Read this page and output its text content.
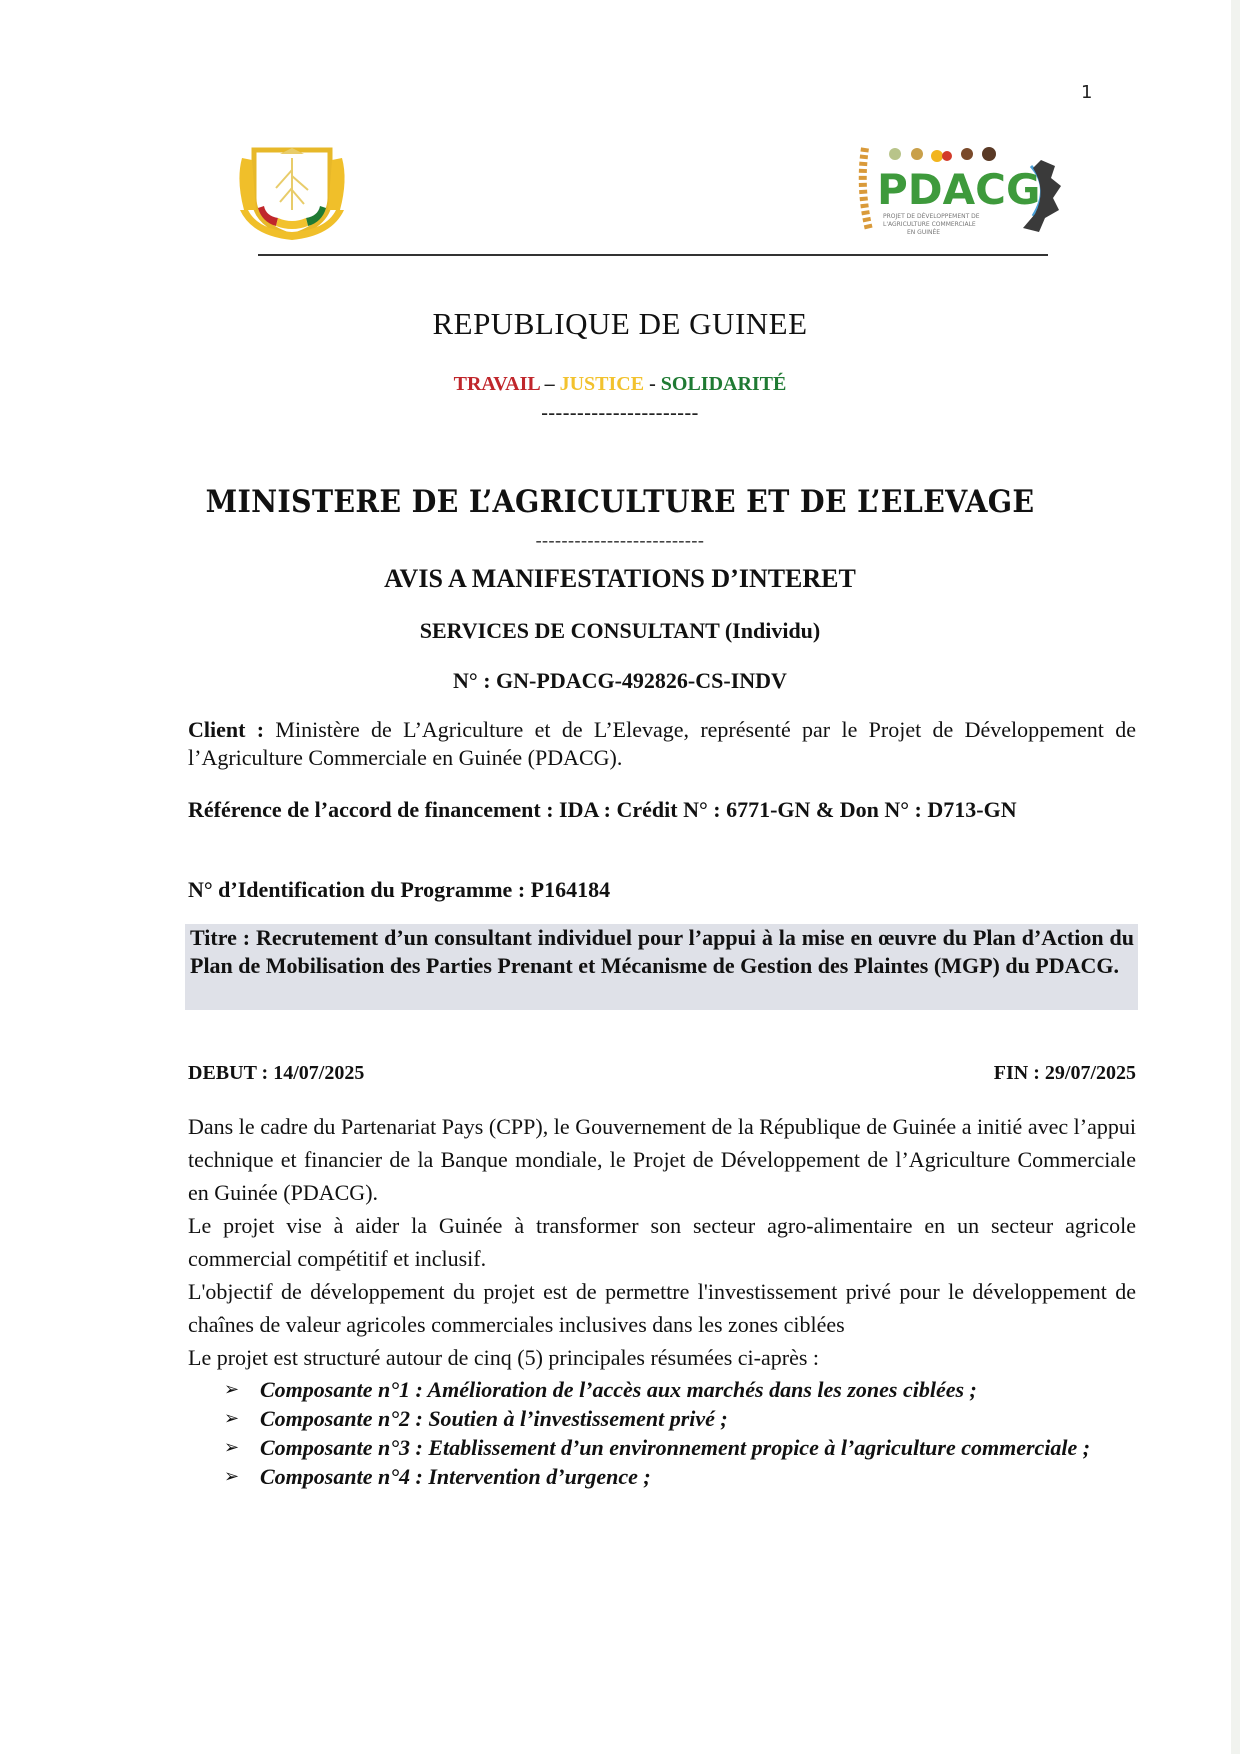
1
PDACG
PROJET DE DÉVELOPPEMENT DE
L'AGRICULTURE COMMERCIALE
EN GUINÉE
REPUBLIQUE DE GUINEE
TRAVAIL – JUSTICE - SOLIDARITÉ
----------------------
MINISTERE DE L’AGRICULTURE ET DE L’ELEVAGE
--------------------------
AVIS A MANIFESTATIONS D’INTERET
SERVICES DE CONSULTANT (Individu)
N° : GN-PDACG-492826-CS-INDV
Client : Ministère de L’Agriculture et de L’Elevage, représenté par le Projet de Développement de l’Agriculture Commerciale en Guinée (PDACG).
Référence de l’accord de financement : IDA : Crédit N° : 6771-GN & Don N° : D713-GN
N° d’Identification du Programme : P164184
Titre : Recrutement d’un consultant individuel pour l’appui à la mise en œuvre du Plan d’Action du Plan de Mobilisation des Parties Prenant et Mécanisme de Gestion des Plaintes (MGP) du PDACG.
DEBUT : 14/07/2025	FIN : 29/07/2025

Dans le cadre du Partenariat Pays (CPP), le Gouvernement de la République de Guinée a initié avec l’appui technique et financier de la Banque mondiale, le Projet de Développement de l’Agriculture Commerciale en Guinée (PDACG).

Le projet vise à aider la Guinée à transformer son secteur agro-alimentaire en un secteur agricole commercial compétitif et inclusif.

L'objectif de développement du projet est de permettre l'investissement privé pour le développement de chaînes de valeur agricoles commerciales inclusives dans les zones ciblées

Le projet est structuré autour de cinq (5) principales résumées ci-après :

➢ Composante n°1 : Amélioration de l’accès aux marchés dans les zones ciblées ;
➢ Composante n°2 : Soutien à l’investissement privé ;
➢ Composante n°3 : Etablissement d’un environnement propice à l’agriculture commerciale ;
➢ Composante n°4 : Intervention d’urgence ;
